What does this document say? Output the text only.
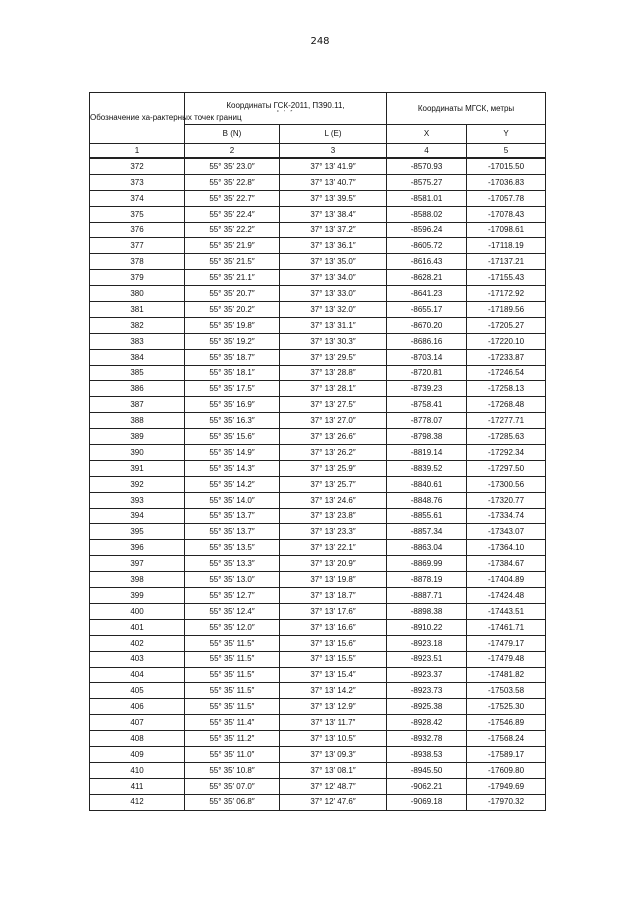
248
Обозначение ха-рактерных точек границ	Координаты ГСК-2011, ПЗ90.11,
° ′ ″		Координаты МГСК, метры	
	B (N)	L (E)	X	Y
1	2	3	4	5
372	55° 35′ 23.0″	37° 13′ 41.9″	-8570.93	-17015.50
373	55° 35′ 22.8″	37° 13′ 40.7″	-8575.27	-17036.83
374	55° 35′ 22.7″	37° 13′ 39.5″	-8581.01	-17057.78
375	55° 35′ 22.4″	37° 13′ 38.4″	-8588.02	-17078.43
376	55° 35′ 22.2″	37° 13′ 37.2″	-8596.24	-17098.61
377	55° 35′ 21.9″	37° 13′ 36.1″	-8605.72	-17118.19
378	55° 35′ 21.5″	37° 13′ 35.0″	-8616.43	-17137.21
379	55° 35′ 21.1″	37° 13′ 34.0″	-8628.21	-17155.43
380	55° 35′ 20.7″	37° 13′ 33.0″	-8641.23	-17172.92
381	55° 35′ 20.2″	37° 13′ 32.0″	-8655.17	-17189.56
382	55° 35′ 19.8″	37° 13′ 31.1″	-8670.20	-17205.27
383	55° 35′ 19.2″	37° 13′ 30.3″	-8686.16	-17220.10
384	55° 35′ 18.7″	37° 13′ 29.5″	-8703.14	-17233.87
385	55° 35′ 18.1″	37° 13′ 28.8″	-8720.81	-17246.54
386	55° 35′ 17.5″	37° 13′ 28.1″	-8739.23	-17258.13
387	55° 35′ 16.9″	37° 13′ 27.5″	-8758.41	-17268.48
388	55° 35′ 16.3″	37° 13′ 27.0″	-8778.07	-17277.71
389	55° 35′ 15.6″	37° 13′ 26.6″	-8798.38	-17285.63
390	55° 35′ 14.9″	37° 13′ 26.2″	-8819.14	-17292.34
391	55° 35′ 14.3″	37° 13′ 25.9″	-8839.52	-17297.50
392	55° 35′ 14.2″	37° 13′ 25.7″	-8840.61	-17300.56
393	55° 35′ 14.0″	37° 13′ 24.6″	-8848.76	-17320.77
394	55° 35′ 13.7″	37° 13′ 23.8″	-8855.61	-17334.74
395	55° 35′ 13.7″	37° 13′ 23.3″	-8857.34	-17343.07
396	55° 35′ 13.5″	37° 13′ 22.1″	-8863.04	-17364.10
397	55° 35′ 13.3″	37° 13′ 20.9″	-8869.99	-17384.67
398	55° 35′ 13.0″	37° 13′ 19.8″	-8878.19	-17404.89
399	55° 35′ 12.7″	37° 13′ 18.7″	-8887.71	-17424.48
400	55° 35′ 12.4″	37° 13′ 17.6″	-8898.38	-17443.51
401	55° 35′ 12.0″	37° 13′ 16.6″	-8910.22	-17461.71
402	55° 35′ 11.5″	37° 13′ 15.6″	-8923.18	-17479.17
403	55° 35′ 11.5″	37° 13′ 15.5″	-8923.51	-17479.48
404	55° 35′ 11.5″	37° 13′ 15.4″	-8923.37	-17481.82
405	55° 35′ 11.5″	37° 13′ 14.2″	-8923.73	-17503.58
406	55° 35′ 11.5″	37° 13′ 12.9″	-8925.38	-17525.30
407	55° 35′ 11.4″	37° 13′ 11.7″	-8928.42	-17546.89
408	55° 35′ 11.2″	37° 13′ 10.5″	-8932.78	-17568.24
409	55° 35′ 11.0″	37° 13′ 09.3″	-8938.53	-17589.17
410	55° 35′ 10.8″	37° 13′ 08.1″	-8945.50	-17609.80
411	55° 35′ 07.0″	37° 12′ 48.7″	-9062.21	-17949.69
412	55° 35′ 06.8″	37° 12′ 47.6″	-9069.18	-17970.32
